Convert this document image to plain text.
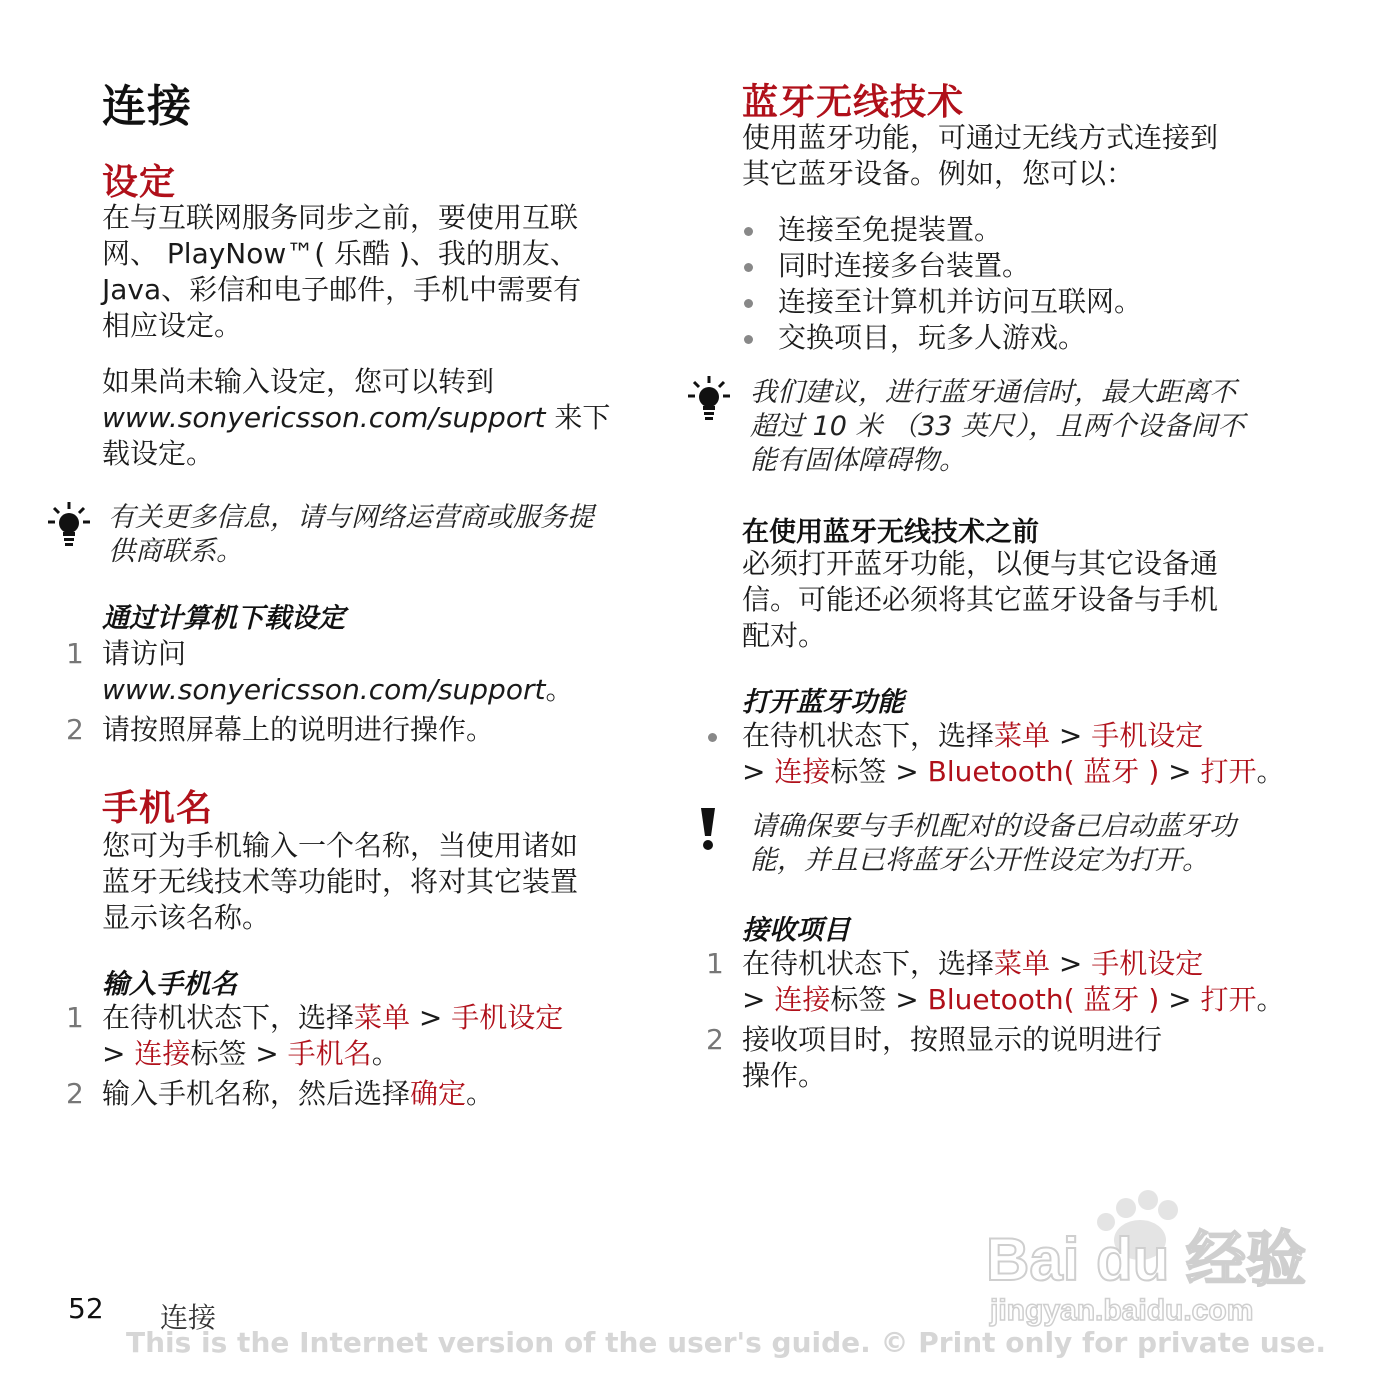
连接
设定

在与互联网服务同步之前，要使用互联

网、 PlayNow™( 乐酷 )、我的朋友、

Java、彩信和电子邮件，手机中需要有

相应设定。

如果尚未输入设定，您可以转到

www.sonyericsson.com/support 来下

载设定。

有关更多信息，请与网络运营商或服务提
供商联系。
通过计算机下载设定
1 请访问
www.sonyericsson.com/support。
2 请按照屏幕上的说明进行操作。
手机名

您可为手机输入一个名称，当使用诸如

蓝牙无线技术等功能时，将对其它装置

显示该名称。

输入手机名
1 在待机状态下，选择菜单 > 手机设定
> 连接标签 > 手机名。
2 输入手机名称，然后选择确定。
蓝牙无线技术

使用蓝牙功能，可通过无线方式连接到

其它蓝牙设备。例如，您可以：

连接至免提装置。
同时连接多台装置。
连接至计算机并访问互联网。
交换项目，玩多人游戏。
我们建议，进行蓝牙通信时，最大距离不
超过 10 米 （33 英尺），且两个设备间不
能有固体障碍物。
在使用蓝牙无线技术之前

必须打开蓝牙功能，以便与其它设备通

信。可能还必须将其它蓝牙设备与手机

配对。

打开蓝牙功能
在待机状态下，选择菜单 > 手机设定
> 连接标签 > Bluetooth( 蓝牙 ) > 打开。
请确保要与手机配对的设备已启动蓝牙功
能，并且已将蓝牙公开性设定为打开。
接收项目
1 在待机状态下，选择菜单 > 手机设定
> 连接标签 > Bluetooth( 蓝牙 ) > 打开。
2 接收项目时，按照显示的说明进行
操作。
Bai du 经验
jingyan.baidu.com
52 连接
This is the Internet version of the user's guide. © Print only for private use.
